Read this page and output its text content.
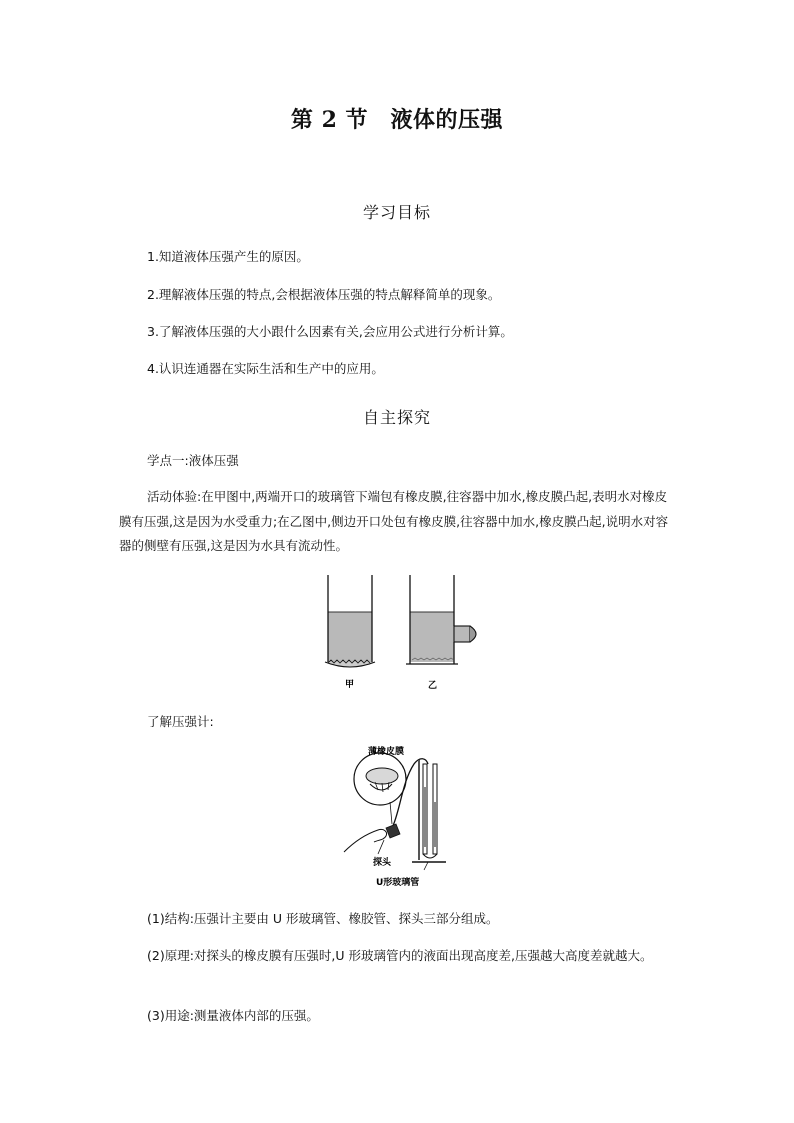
第 2 节　液体的压强
学习目标
1.知道液体压强产生的原因。
2.理解液体压强的特点,会根据液体压强的特点解释简单的现象。
3.了解液体压强的大小跟什么因素有关,会应用公式进行分析计算。
4.认识连通器在实际生活和生产中的应用。
自主探究
学点一:液体压强
活动体验:在甲图中,两端开口的玻璃管下端包有橡皮膜,往容器中加水,橡皮膜凸起,表明水对橡皮膜有压强,这是因为水受重力;在乙图中,侧边开口处包有橡皮膜,往容器中加水,橡皮膜凸起,说明水对容器的侧壁有压强,这是因为水具有流动性。
甲	乙
了解压强计:
薄橡皮膜
探头
U形玻璃管
(1)结构:压强计主要由 U 形玻璃管、橡胶管、探头三部分组成。
(2)原理:对探头的橡皮膜有压强时,U 形玻璃管内的液面出现高度差,压强越大高度差就越大。
(3)用途:测量液体内部的压强。
